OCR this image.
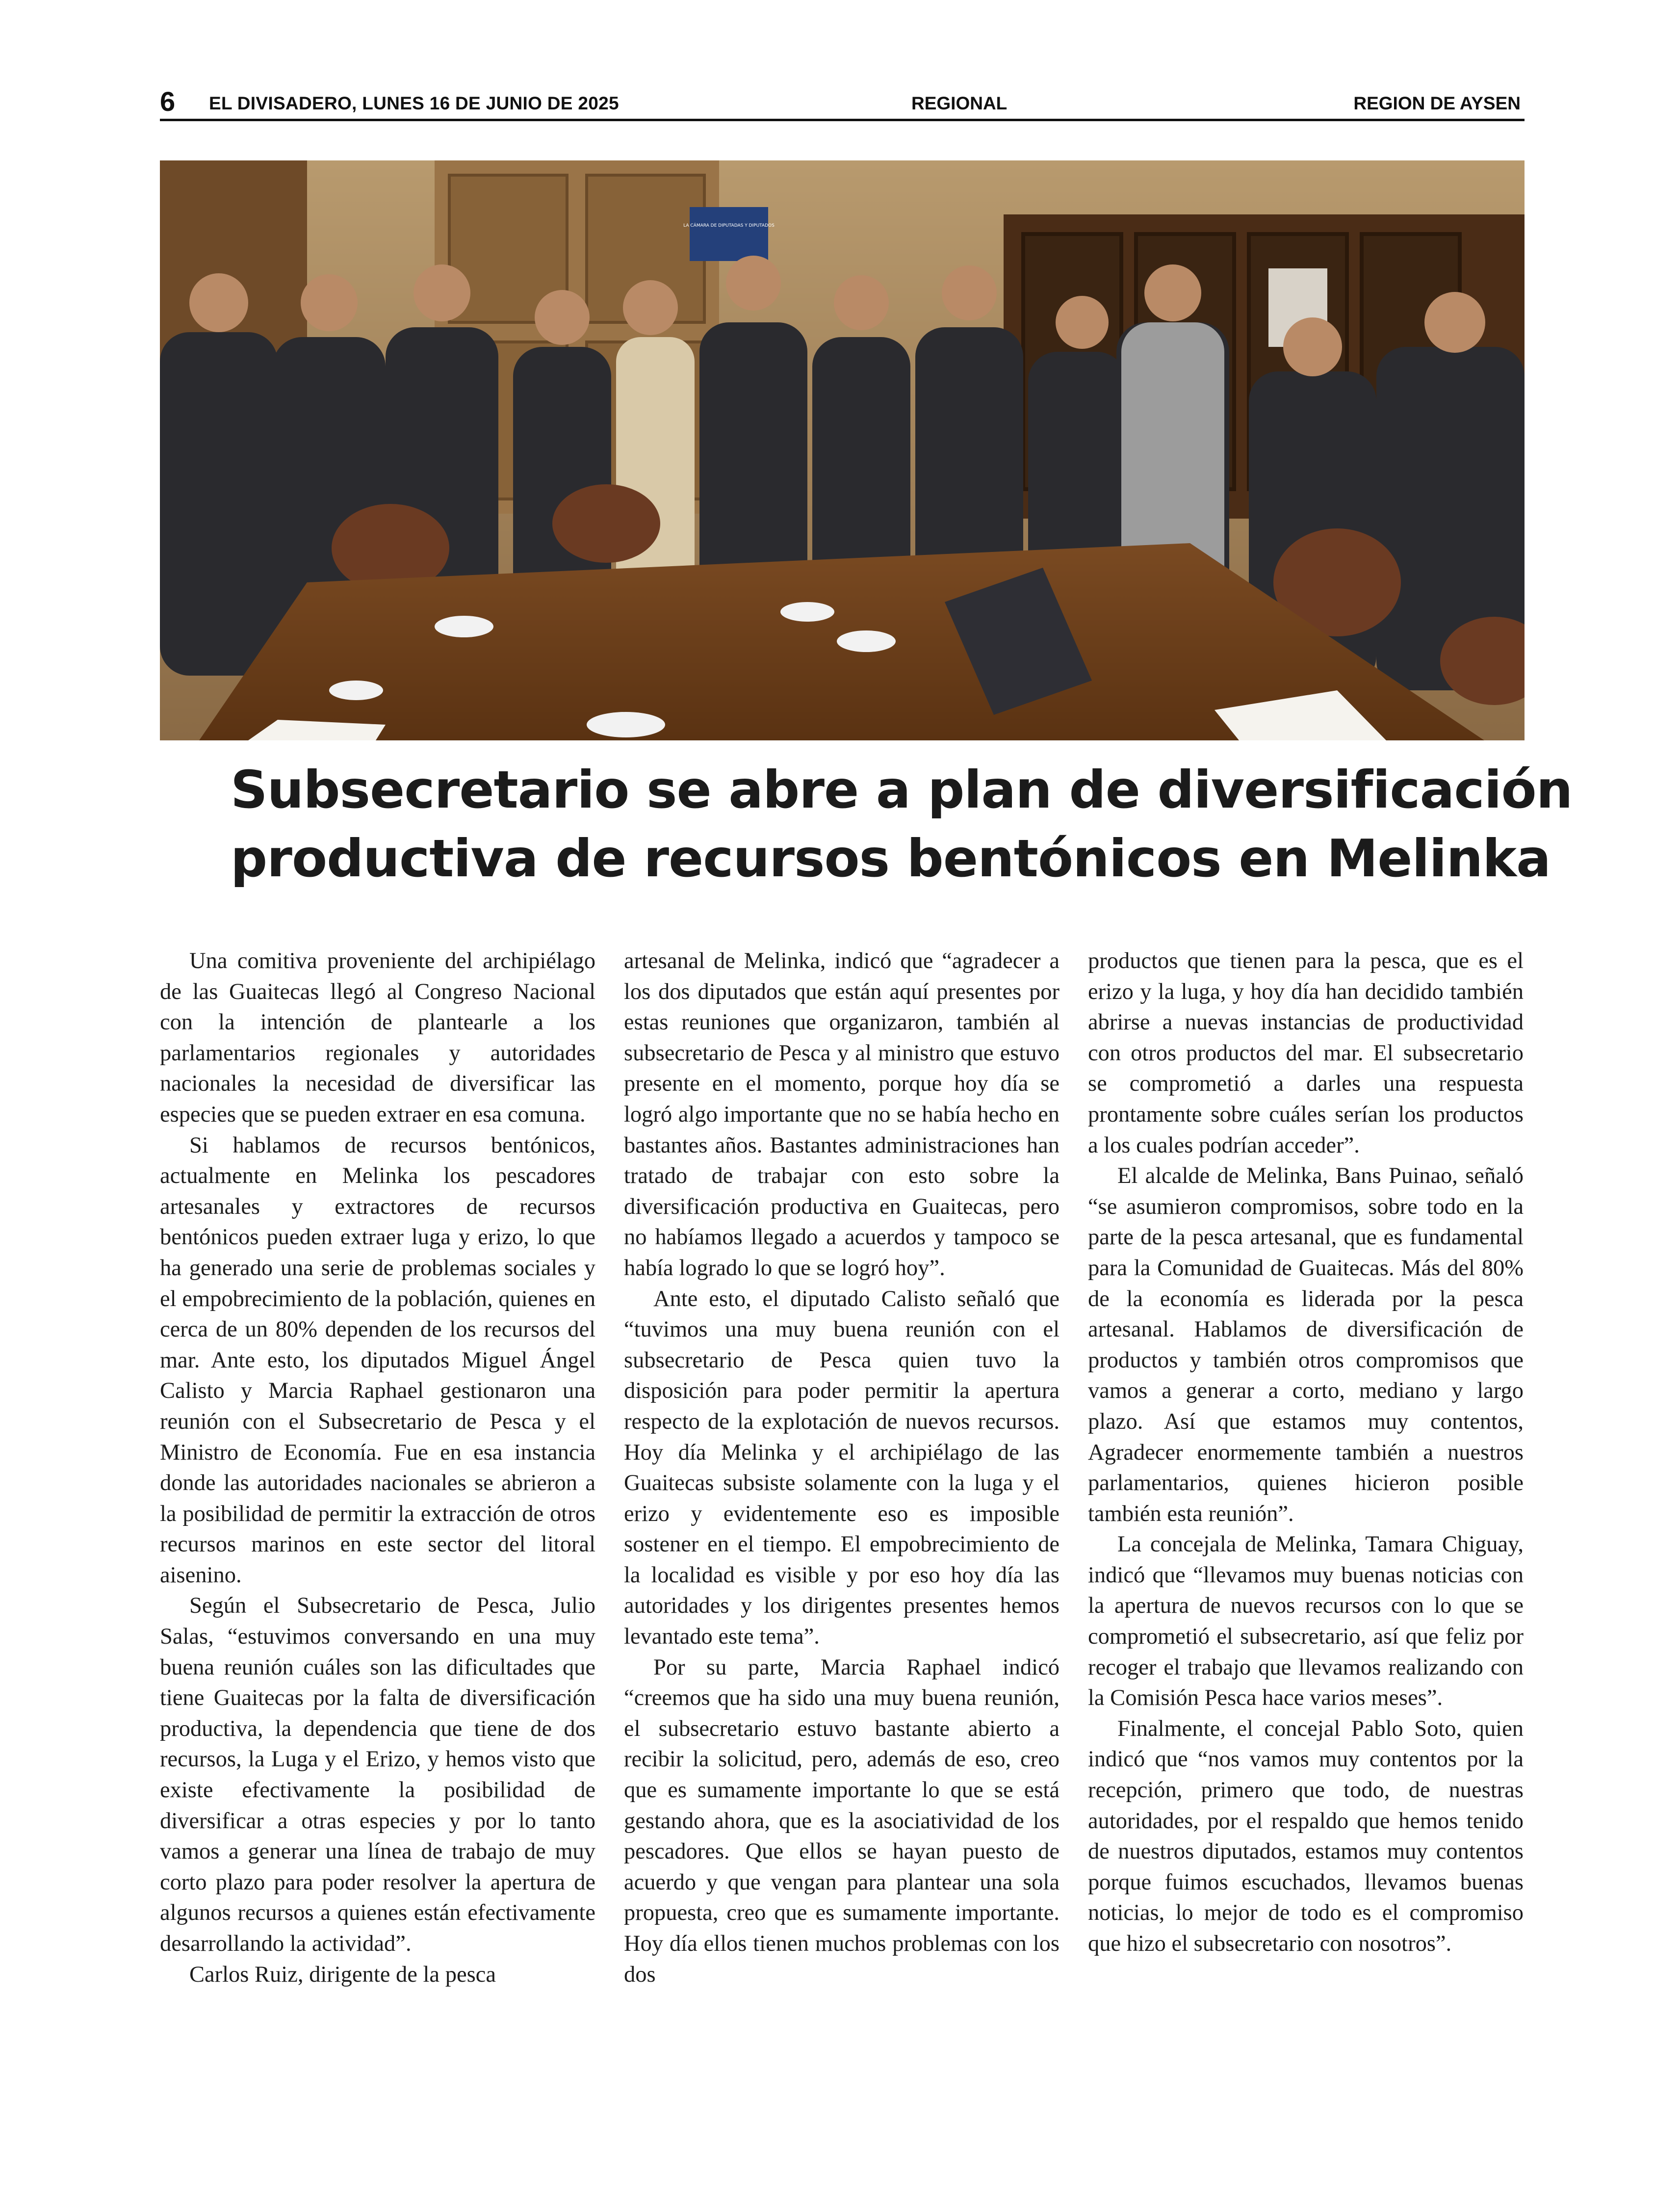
6 EL DIVISADERO, LUNES 16 DE JUNIO DE 2025	REGIONAL	REGION DE AYSEN
LA CÁMARA DE DIPUTADAS Y DIPUTADOS
Subsecretario se abre a plan de diversificación
productiva de recursos bentónicos en Melinka

Una comitiva proveniente del archipiélago de las Guaitecas llegó al Congreso Nacional con la intención de plantearle a los parlamentarios regionales y autoridades nacionales la necesidad de diversificar las especies que se pueden extraer en esa comuna.

Si hablamos de recursos bentónicos, actualmente en Melinka los pescadores artesanales y extractores de recursos bentónicos pueden extraer luga y erizo, lo que ha generado una serie de problemas sociales y el empobrecimiento de la población, quienes en cerca de un 80% dependen de los recursos del mar. Ante esto, los diputados Miguel Ángel Calisto y Marcia Raphael gestionaron una reunión con el Subsecretario de Pesca y el Ministro de Economía. Fue en esa instancia donde las autoridades nacionales se abrieron a la posibilidad de permitir la extracción de otros recursos marinos en este sector del litoral aisenino.

Según el Subsecretario de Pesca, Julio Salas, “estuvimos conversando en una muy buena reunión cuáles son las dificultades que tiene Guaitecas por la falta de diversificación productiva, la dependencia que tiene de dos recursos, la Luga y el Erizo, y hemos visto que existe efectivamente la posibilidad de diversificar a otras especies y por lo tanto vamos a generar una línea de trabajo de muy corto plazo para poder resolver la apertura de algunos recursos a quienes están efectivamente desarrollando la actividad”.

Carlos Ruiz, dirigente de la pesca

artesanal de Melinka, indicó que “agradecer a los dos diputados que están aquí presentes por estas reuniones que organizaron, también al subsecretario de Pesca y al ministro que estuvo presente en el momento, porque hoy día se logró algo importante que no se había hecho en bastantes años. Bastantes administraciones han tratado de trabajar con esto sobre la diversificación productiva en Guaitecas, pero no habíamos llegado a acuerdos y tampoco se había logrado lo que se logró hoy”.

Ante esto, el diputado Calisto señaló que “tuvimos una muy buena reunión con el subsecretario de Pesca quien tuvo la disposición para poder permitir la apertura respecto de la explotación de nuevos recursos. Hoy día Melinka y el archipiélago de las Guaitecas subsiste solamente con la luga y el erizo y evidentemente eso es imposible sostener en el tiempo. El empobrecimiento de la localidad es visible y por eso hoy día las autoridades y los dirigentes presentes hemos levantado este tema”.

Por su parte, Marcia Raphael indicó “creemos que ha sido una muy buena reunión, el subsecretario estuvo bastante abierto a recibir la solicitud, pero, además de eso, creo que es sumamente importante lo que se está gestando ahora, que es la asociatividad de los pescadores. Que ellos se hayan puesto de acuerdo y que vengan para plantear una sola propuesta, creo que es sumamente importante. Hoy día ellos tienen muchos problemas con los dos

productos que tienen para la pesca, que es el erizo y la luga, y hoy día han decidido también abrirse a nuevas instancias de productividad con otros productos del mar. El subsecretario se comprometió a darles una respuesta prontamente sobre cuáles serían los productos a los cuales podrían acceder”.

El alcalde de Melinka, Bans Puinao, señaló “se asumieron compromisos, sobre todo en la parte de la pesca artesanal, que es fundamental para la Comunidad de Guaitecas. Más del 80% de la economía es liderada por la pesca artesanal. Hablamos de diversificación de productos y también otros compromisos que vamos a generar a corto, mediano y largo plazo. Así que estamos muy contentos, Agradecer enormemente también a nuestros parlamentarios, quienes hicieron posible también esta reunión”.

La concejala de Melinka, Tamara Chiguay, indicó que “llevamos muy buenas noticias con la apertura de nuevos recursos con lo que se comprometió el subsecretario, así que feliz por recoger el trabajo que llevamos realizando con la Comisión Pesca hace varios meses”.

Finalmente, el concejal Pablo Soto, quien indicó que “nos vamos muy contentos por la recepción, primero que todo, de nuestras autoridades, por el respaldo que hemos tenido de nuestros diputados, estamos muy contentos porque fuimos escuchados, llevamos buenas noticias, lo mejor de todo es el compromiso que hizo el subsecretario con nosotros”.
